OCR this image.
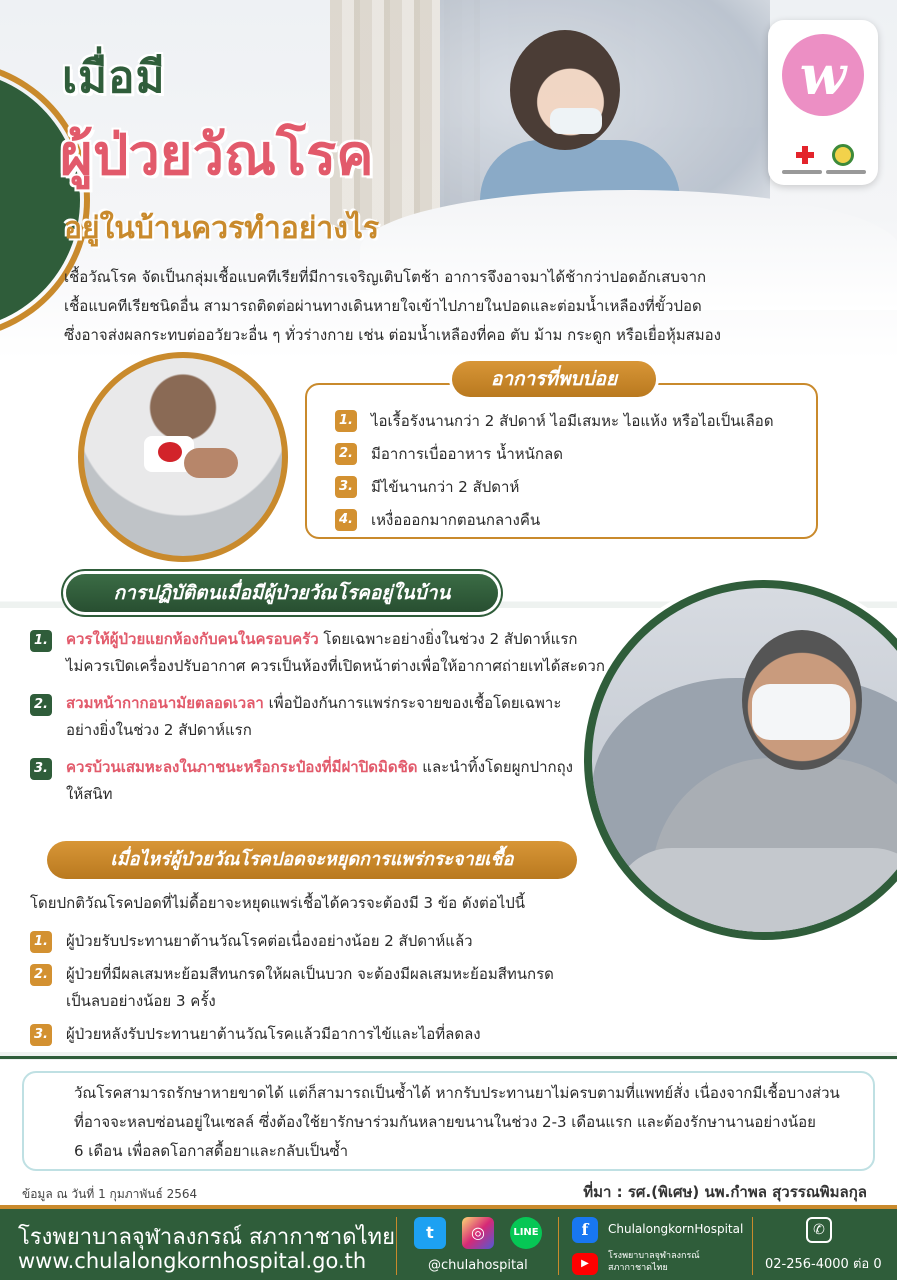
เมื่อมี
ผู้ป่วยวัณโรค
อยู่ในบ้านควรทำอย่างไร
w

เชื้อวัณโรค จัดเป็นกลุ่มเชื้อแบคทีเรียที่มีการเจริญเติบโตช้า อาการจึงอาจมาได้ช้ากว่าปอดอักเสบจาก

เชื้อแบคทีเรียชนิดอื่น สามารถติดต่อผ่านทางเดินหายใจเข้าไปภายในปอดและต่อมน้ำเหลืองที่ขั้วปอด

ซึ่งอาจส่งผลกระทบต่ออวัยวะอื่น ๆ ทั่วร่างกาย เช่น ต่อมน้ำเหลืองที่คอ ตับ ม้าม กระดูก หรือเยื่อหุ้มสมอง

อาการที่พบบ่อย
1. ไอเรื้อรังนานกว่า 2 สัปดาห์ ไอมีเสมหะ ไอแห้ง หรือไอเป็นเลือด
2. มีอาการเบื่ออาหาร น้ำหนักลด
3. มีไข้นานกว่า 2 สัปดาห์
4. เหงื่อออกมากตอนกลางคืน
การปฏิบัติตนเมื่อมีผู้ป่วยวัณโรคอยู่ในบ้าน
1. ควรให้ผู้ป่วยแยกห้องกับคนในครอบครัว โดยเฉพาะอย่างยิ่งในช่วง 2 สัปดาห์แรก
ไม่ควรเปิดเครื่องปรับอากาศ ควรเป็นห้องที่เปิดหน้าต่างเพื่อให้อากาศถ่ายเทได้สะดวก
2. สวมหน้ากากอนามัยตลอดเวลา เพื่อป้องกันการแพร่กระจายของเชื้อโดยเฉพาะ
อย่างยิ่งในช่วง 2 สัปดาห์แรก
3. ควรบ้วนเสมหะลงในภาชนะหรือกระป๋องที่มีฝาปิดมิดชิด และนำทิ้งโดยผูกปากถุง
ให้สนิท
เมื่อไหร่ผู้ป่วยวัณโรคปอดจะหยุดการแพร่กระจายเชื้อ
โดยปกติวัณโรคปอดที่ไม่ดื้อยาจะหยุดแพร่เชื้อได้ควรจะต้องมี 3 ข้อ ดังต่อไปนี้
1. ผู้ป่วยรับประทานยาต้านวัณโรคต่อเนื่องอย่างน้อย 2 สัปดาห์แล้ว
2. ผู้ป่วยที่มีผลเสมหะย้อมสีทนกรดให้ผลเป็นบวก จะต้องมีผลเสมหะย้อมสีทนกรด
เป็นลบอย่างน้อย 3 ครั้ง
3. ผู้ป่วยหลังรับประทานยาต้านวัณโรคแล้วมีอาการไข้และไอที่ลดลง
วัณโรคสามารถรักษาหายขาดได้ แต่ก็สามารถเป็นซ้ำได้ หากรับประทานยาไม่ครบตามที่แพทย์สั่ง เนื่องจากมีเชื้อบางส่วน
ที่อาจจะหลบซ่อนอยู่ในเซลล์ ซึ่งต้องใช้ยารักษาร่วมกันหลายขนานในช่วง 2-3 เดือนแรก และต้องรักษานานอย่างน้อย
6 เดือน เพื่อลดโอกาสดื้อยาและกลับเป็นซ้ำ
ข้อมูล ณ วันที่ 1 กุมภาพันธ์ 2564	ที่มา : รศ.(พิเศษ) นพ.กำพล สุวรรณพิมลกุล
โรงพยาบาลจุฬาลงกรณ์ สภากาชาดไทย
www.chulalongkornhospital.go.th
t	◎	LINE
@chulahospital
f	ChulalongkornHospital
▶
โรงพยาบาลจุฬาลงกรณ์
สภากาชาดไทย
✆
02-256-4000 ต่อ 0
